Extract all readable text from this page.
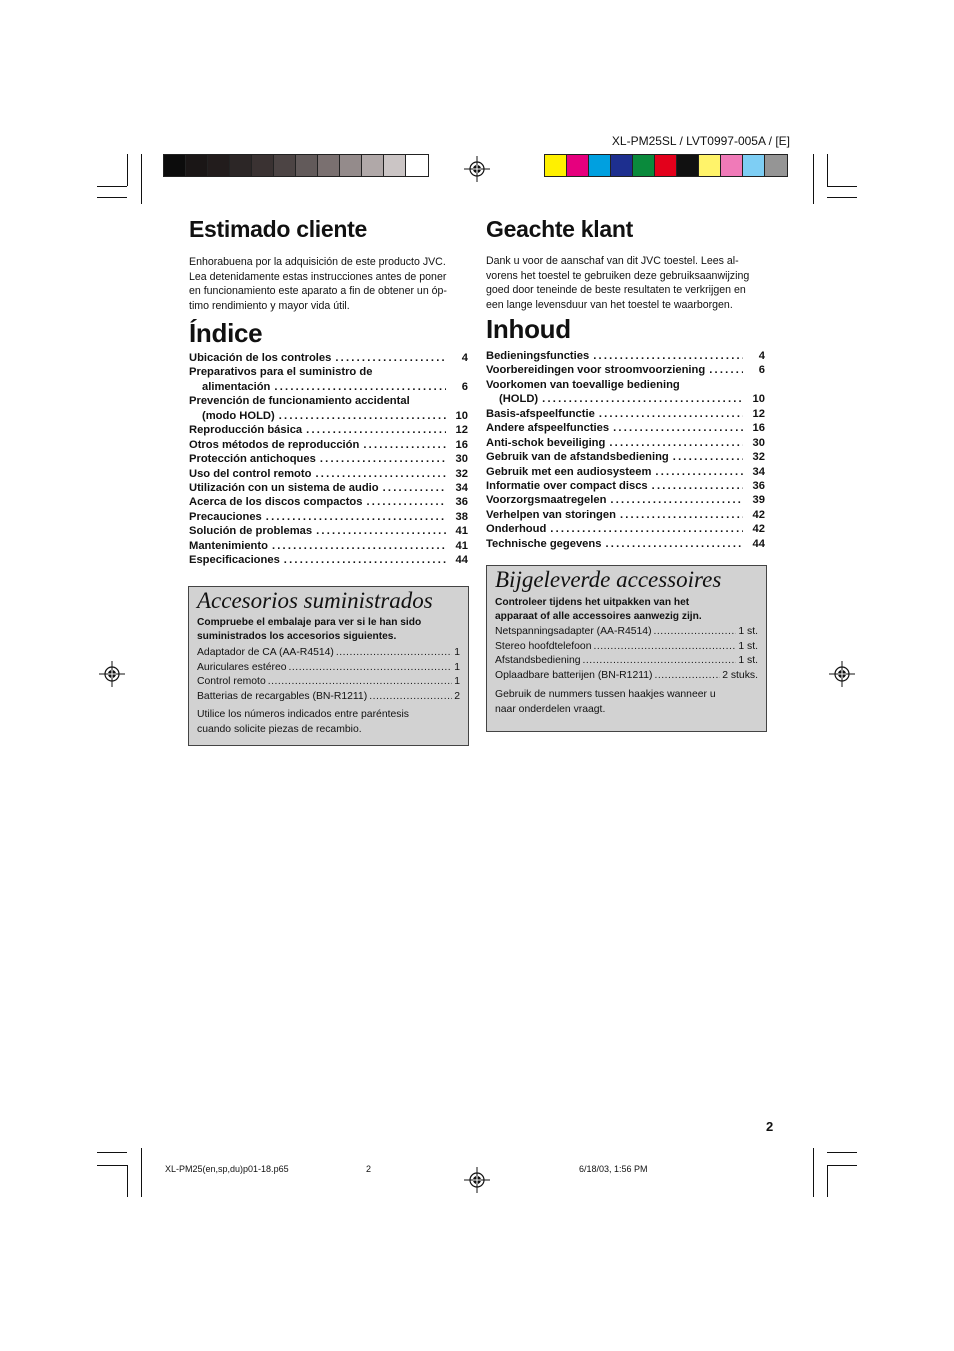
XL-PM25SL / LVT0997-005A / [E]
Estimado cliente
Enhorabuena por la adquisición de este producto JVC.
Lea detenidamente estas instrucciones antes de poner
en funcionamiento este aparato a fin de obtener un óp-
timo rendimiento y mayor vida útil.
Índice
Ubicación de los controles .....	4
Preparativos para el suministro de
alimentación .....	6
Prevención de funcionamiento accidental
(modo HOLD) .....	10
Reproducción básica .....	12
Otros métodos de reproducción .....	16
Protección antichoques .....	30
Uso del control remoto .....	32
Utilización con un sistema de audio .....	34
Acerca de los discos compactos .....	36
Precauciones .....	38
Solución de problemas .....	41
Mantenimiento .....	41
Especificaciones .....	44
Accesorios suministrados
Compruebe el embalaje para ver si le han sido
suministrados los accesorios siguientes.
Adaptador de CA (AA-R4514) .....	1
Auriculares estéreo .....	1
Control remoto .....	1
Batterias de recargables (BN-R1211) .....	2
Utilice los números indicados entre paréntesis
cuando solicite piezas de recambio.
Geachte klant
Dank u voor de aanschaf van dit JVC toestel. Lees al-
vorens het toestel te gebruiken deze gebruiksaanwijzing
goed door teneinde de beste resultaten te verkrijgen en
een lange levensduur van het toestel te waarborgen.
Inhoud
Bedieningsfuncties .....	4
Voorbereidingen voor stroomvoorziening .....	6
Voorkomen van toevallige bediening
(HOLD) .....	10
Basis-afspeelfunctie .....	12
Andere afspeelfuncties .....	16
Anti-schok beveiliging .....	30
Gebruik van de afstandsbediening .....	32
Gebruik met een audiosysteem .....	34
Informatie over compact discs .....	36
Voorzorgsmaatregelen .....	39
Verhelpen van storingen .....	42
Onderhoud .....	42
Technische gegevens .....	44
Bijgeleverde accessoires
Controleer tijdens het uitpakken van het
apparaat of alle accessoires aanwezig zijn.
Netspanningsadapter (AA-R4514) .....	1 st.
Stereo hoofdtelefoon .....	1 st.
Afstandsbediening .....	1 st.
Oplaadbare batterijen (BN-R1211) .....	2 stuks.
Gebruik de nummers tussen haakjes wanneer u
naar onderdelen vraagt.
2
XL-PM25(en,sp,du)p01-18.p65	2	6/18/03, 1:56 PM
